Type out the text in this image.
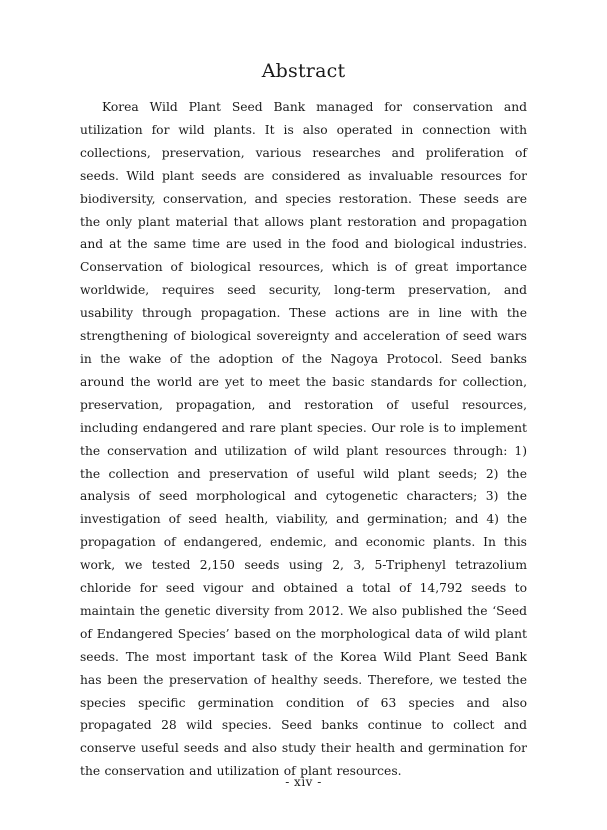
Abstract

Korea Wild Plant Seed Bank managed for conservation and utilization for wild plants. It is also operated in connection with collections, preservation, various researches and proliferation of seeds. Wild plant seeds are considered as invaluable resources for biodiversity, conservation, and species restoration. These seeds are the only plant material that allows plant restoration and propagation and at the same time are used in the food and biological industries. Conservation of biological resources, which is of great importance worldwide, requires seed security, long-term preservation, and usability through propagation. These actions are in line with the strengthening of biological sovereignty and acceleration of seed wars in the wake of the adoption of the Nagoya Protocol. Seed banks around the world are yet to meet the basic standards for collection, preservation, propagation, and restoration of useful resources, including endangered and rare plant species. Our role is to implement the conservation and utilization of wild plant resources through: 1) the collection and preservation of useful wild plant seeds; 2) the analysis of seed morphological and cytogenetic characters; 3) the investigation of seed health, viability, and germination; and 4) the propagation of endangered, endemic, and economic plants. In this work, we tested 2,150 seeds using 2, 3, 5-Triphenyl tetrazolium chloride for seed vigour and obtained a total of 14,792 seeds to maintain the genetic diversity from 2012. We also published the ‘Seed of Endangered Species’ based on the morphological data of wild plant seeds. The most important task of the Korea Wild Plant Seed Bank has been the preservation of healthy seeds. Therefore, we tested the species specific germination condition of 63 species and also propagated 28 wild species. Seed banks continue to collect and conserve useful seeds and also study their health and germination for the conservation and utilization of plant resources.

- xiv -
